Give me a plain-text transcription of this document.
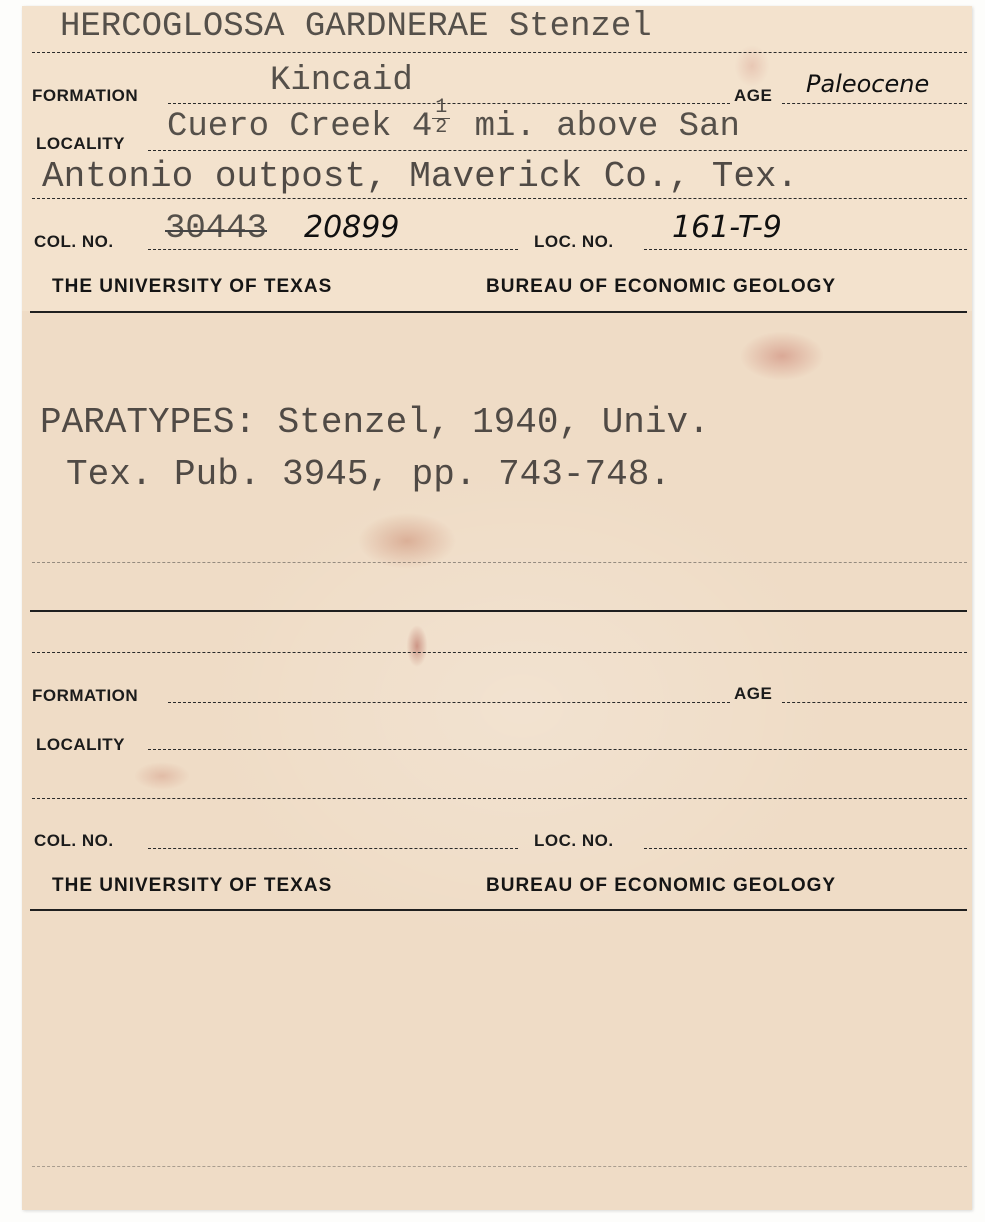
HERCOGLOSSA GARDNERAE Stenzel
FORMATION	Kincaid	AGE Paleocene
LOCALITY Cuero Creek $4 \frac{1}{2}$ mi. above San
Antonio outpost, Maverick Co., Tex.
COL. NO. 30443 20899	LOC. NO. 161-T-9
THE UNIVERSITY OF TEXAS	BUREAU OF ECONOMIC GEOLOGY
PARATYPES: Stenzel, 1940, Univ.
Tex. Pub. 3945, pp. 743-748.
FORMATION	AGE
LOCALITY
COL. NO.	LOC. NO.
THE UNIVERSITY OF TEXAS	BUREAU OF ECONOMIC GEOLOGY
